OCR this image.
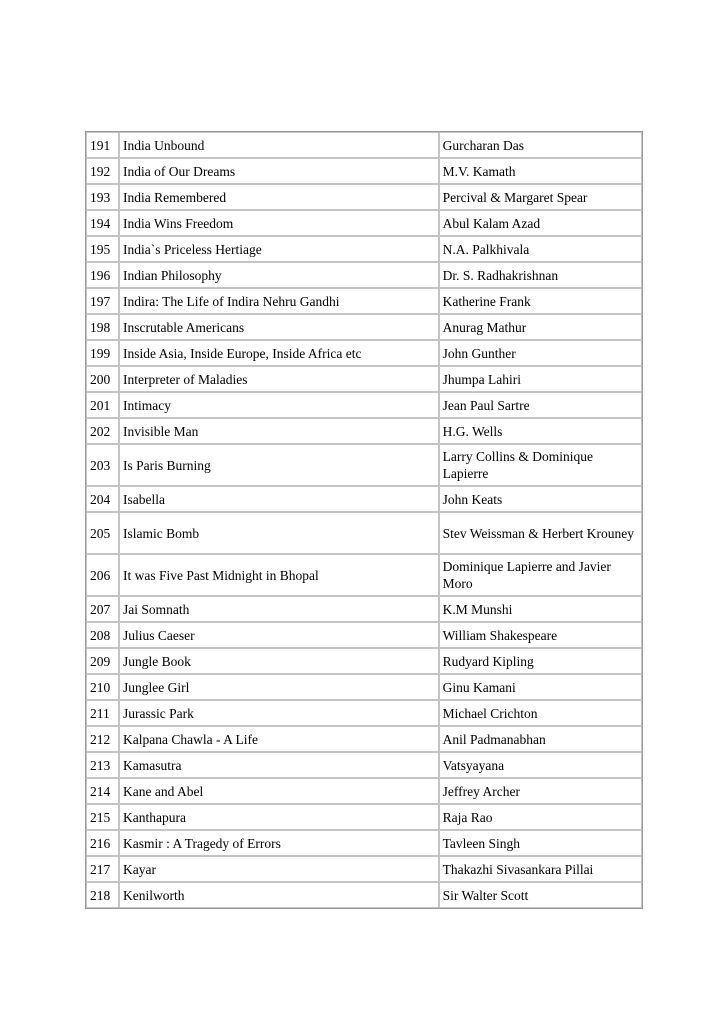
191	India Unbound	Gurcharan Das
192	India of Our Dreams	M.V. Kamath
193	India Remembered	Percival & Margaret Spear
194	India Wins Freedom	Abul Kalam Azad
195	India`s Priceless Hertiage	N.A. Palkhivala
196	Indian Philosophy	Dr. S. Radhakrishnan
197	Indira: The Life of Indira Nehru Gandhi	Katherine Frank
198	Inscrutable Americans	Anurag Mathur
199	Inside Asia, Inside Europe, Inside Africa etc	John Gunther
200	Interpreter of Maladies	Jhumpa Lahiri
201	Intimacy	Jean Paul Sartre
202	Invisible Man	H.G. Wells
203	Is Paris Burning	Larry Collins & Dominique Lapierre
204	Isabella	John Keats
205	Islamic Bomb	Stev Weissman & Herbert Krouney
206	It was Five Past Midnight in Bhopal	Dominique Lapierre and Javier Moro
207	Jai Somnath	K.M Munshi
208	Julius Caeser	William Shakespeare
209	Jungle Book	Rudyard Kipling
210	Junglee Girl	Ginu Kamani
211	Jurassic Park	Michael Crichton
212	Kalpana Chawla - A Life	Anil Padmanabhan
213	Kamasutra	Vatsyayana
214	Kane and Abel	Jeffrey Archer
215	Kanthapura	Raja Rao
216	Kasmir : A Tragedy of Errors	Tavleen Singh
217	Kayar	Thakazhi Sivasankara Pillai
218	Kenilworth	Sir Walter Scott
